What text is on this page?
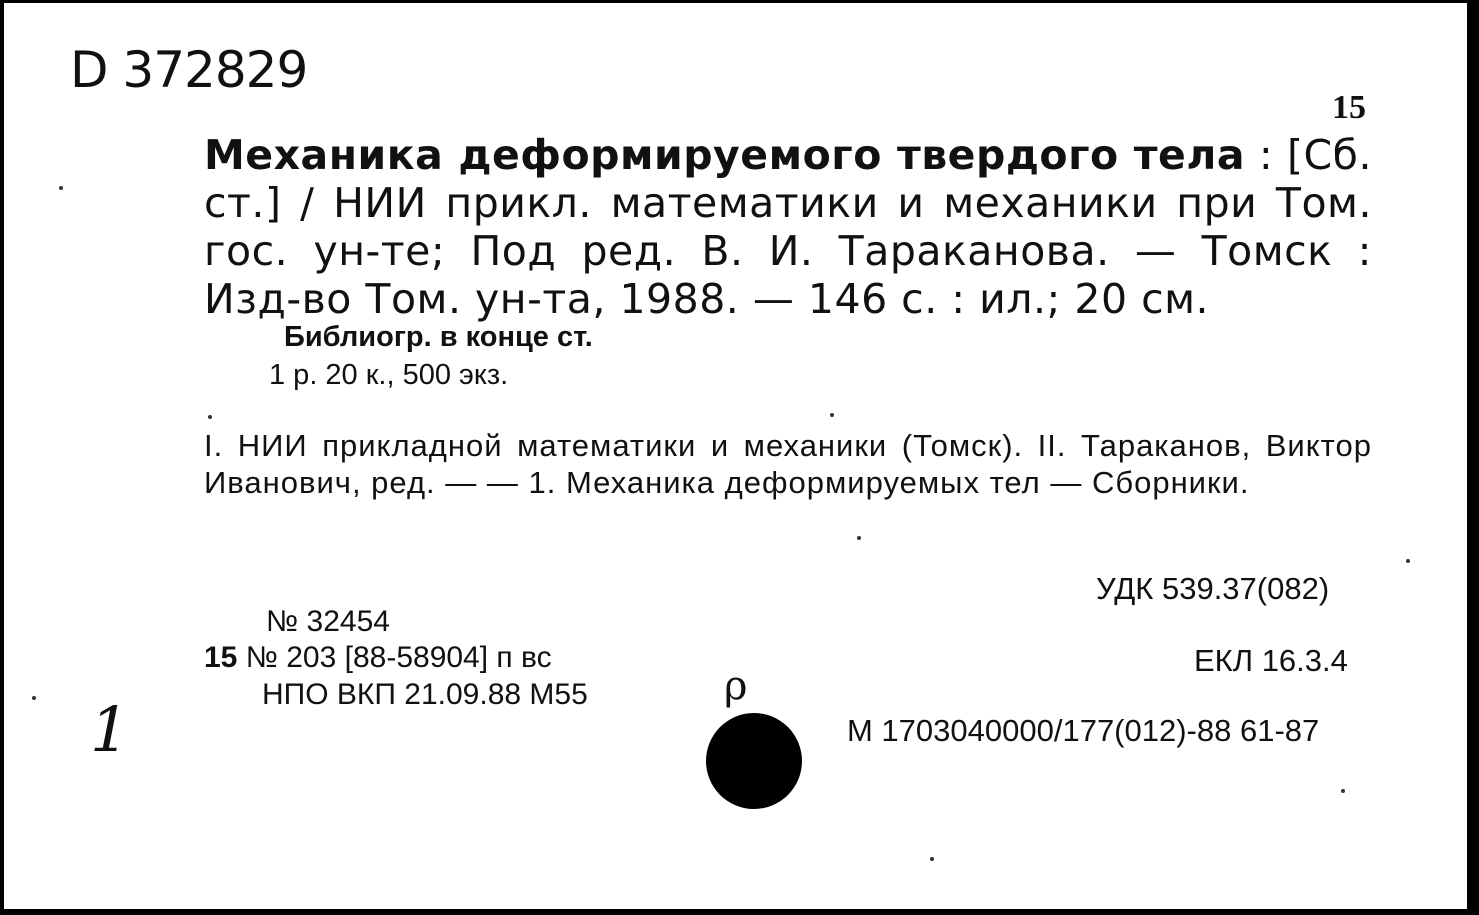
D 372829
15
Механика деформируемого твердого тела : [Сб. ст.] / НИИ прикл. математики и механики при Том. гос. ун-те; Под ред. В. И. Тараканова. — Томск : Изд-во Том. ун-та, 1988. — 146 с. : ил.; 20 см.
Библиогр. в конце ст.
1 р. 20 к., 500 экз.
I. НИИ прикладной математики и механики (Томск). II. Тараканов, Виктор Иванович, ред. — — 1. Механика деформируемых тел — Сборники.
УДК 539.37(082)
№ 32454
15 № 203 [88-58904] п вс
НПО ВКП 21.09.88 М55
ЕКЛ 16.3.4
М 1703040000/177(012)-88 61-87
ρ
1
